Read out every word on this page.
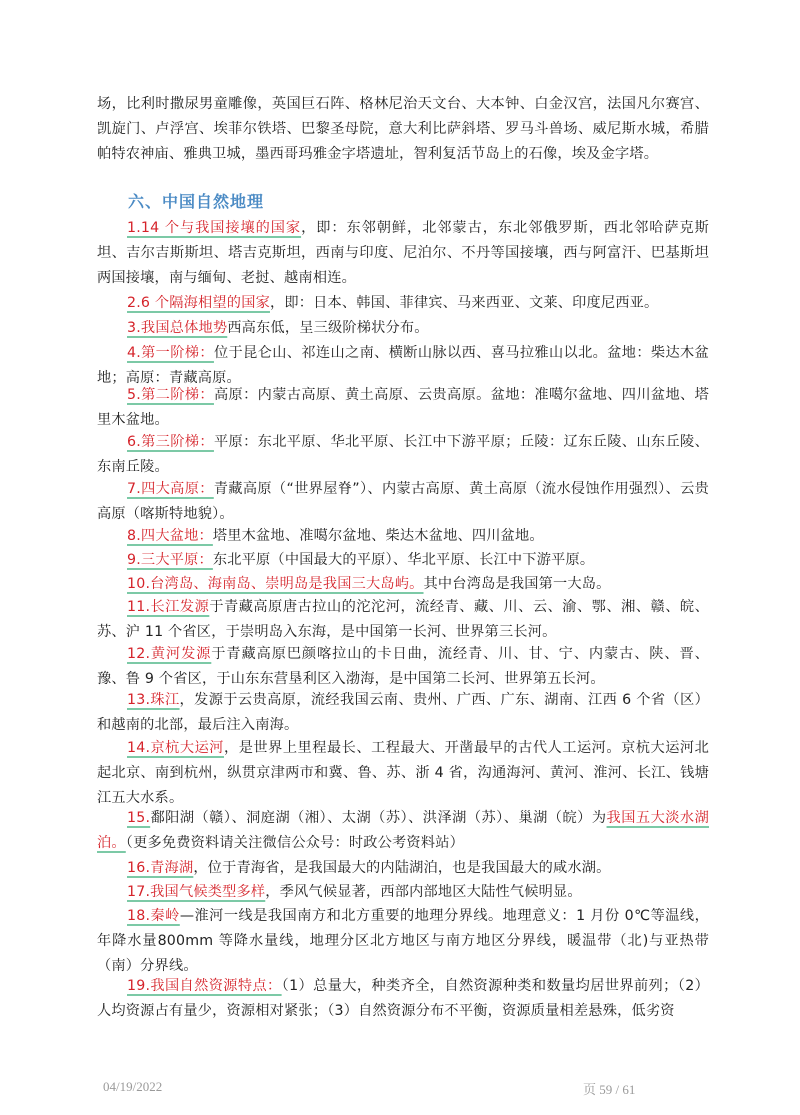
场，比利时撒尿男童雕像，英国巨石阵、格林尼治天文台、大本钟、白金汉宫，法国凡尔赛宫、凯旋门、卢浮宫、埃菲尔铁塔、巴黎圣母院，意大利比萨斜塔、罗马斗兽场、威尼斯水城，希腊帕特农神庙、雅典卫城，墨西哥玛雅金字塔遗址，智利复活节岛上的石像，埃及金字塔。

六、中国自然地理

1.14 个与我国接壤的国家，即：东邻朝鲜，北邻蒙古，东北邻俄罗斯，西北邻哈萨克斯坦、吉尔吉斯斯坦、塔吉克斯坦，西南与印度、尼泊尔、不丹等国接壤，西与阿富汗、巴基斯坦两国接壤，南与缅甸、老挝、越南相连。

2.6 个隔海相望的国家，即：日本、韩国、菲律宾、马来西亚、文莱、印度尼西亚。

3.我国总体地势西高东低，呈三级阶梯状分布。

4.第一阶梯：位于昆仑山、祁连山之南、横断山脉以西、喜马拉雅山以北。盆地：柴达木盆地；高原：青藏高原。

5.第二阶梯：高原：内蒙古高原、黄土高原、云贵高原。盆地：准噶尔盆地、四川盆地、塔里木盆地。

6.第三阶梯：平原：东北平原、华北平原、长江中下游平原；丘陵：辽东丘陵、山东丘陵、东南丘陵。

7.四大高原：青藏高原（“世界屋脊”）、内蒙古高原、黄土高原（流水侵蚀作用强烈）、云贵高原（喀斯特地貌）。

8.四大盆地：塔里木盆地、准噶尔盆地、柴达木盆地、四川盆地。

9.三大平原：东北平原（中国最大的平原）、华北平原、长江中下游平原。

10.台湾岛、海南岛、崇明岛是我国三大岛屿。其中台湾岛是我国第一大岛。

11.长江发源于青藏高原唐古拉山的沱沱河，流经青、藏、川、云、渝、鄂、湘、赣、皖、苏、沪 11 个省区，于崇明岛入东海，是中国第一长河、世界第三长河。

12.黄河发源于青藏高原巴颜喀拉山的卡日曲，流经青、川、甘、宁、内蒙古、陕、晋、豫、鲁 9 个省区，于山东东营垦利区入渤海，是中国第二长河、世界第五长河。

13.珠江，发源于云贵高原，流经我国云南、贵州、广西、广东、湖南、江西 6 个省（区）和越南的北部，最后注入南海。

14.京杭大运河，是世界上里程最长、工程最大、开凿最早的古代人工运河。京杭大运河北起北京、南到杭州，纵贯京津两市和冀、鲁、苏、浙 4 省，沟通海河、黄河、淮河、长江、钱塘江五大水系。

15.鄱阳湖（赣）、洞庭湖（湘）、太湖（苏）、洪泽湖（苏）、巢湖（皖）为我国五大淡水湖泊。（更多免费资料请关注微信公众号：时政公考资料站）

16.青海湖，位于青海省，是我国最大的内陆湖泊，也是我国最大的咸水湖。

17.我国气候类型多样，季风气候显著，西部内部地区大陆性气候明显。

18.秦岭—淮河一线是我国南方和北方重要的地理分界线。地理意义：1 月份 0℃等温线，年降水量800mm 等降水量线，地理分区北方地区与南方地区分界线，暖温带（北)与亚热带（南）分界线。

19.我国自然资源特点：（1）总量大，种类齐全，自然资源种类和数量均居世界前列；（2）人均资源占有量少，资源相对紧张；（3）自然资源分布不平衡，资源质量相差悬殊，低劣资

04/19/2022	页 59 / 61
